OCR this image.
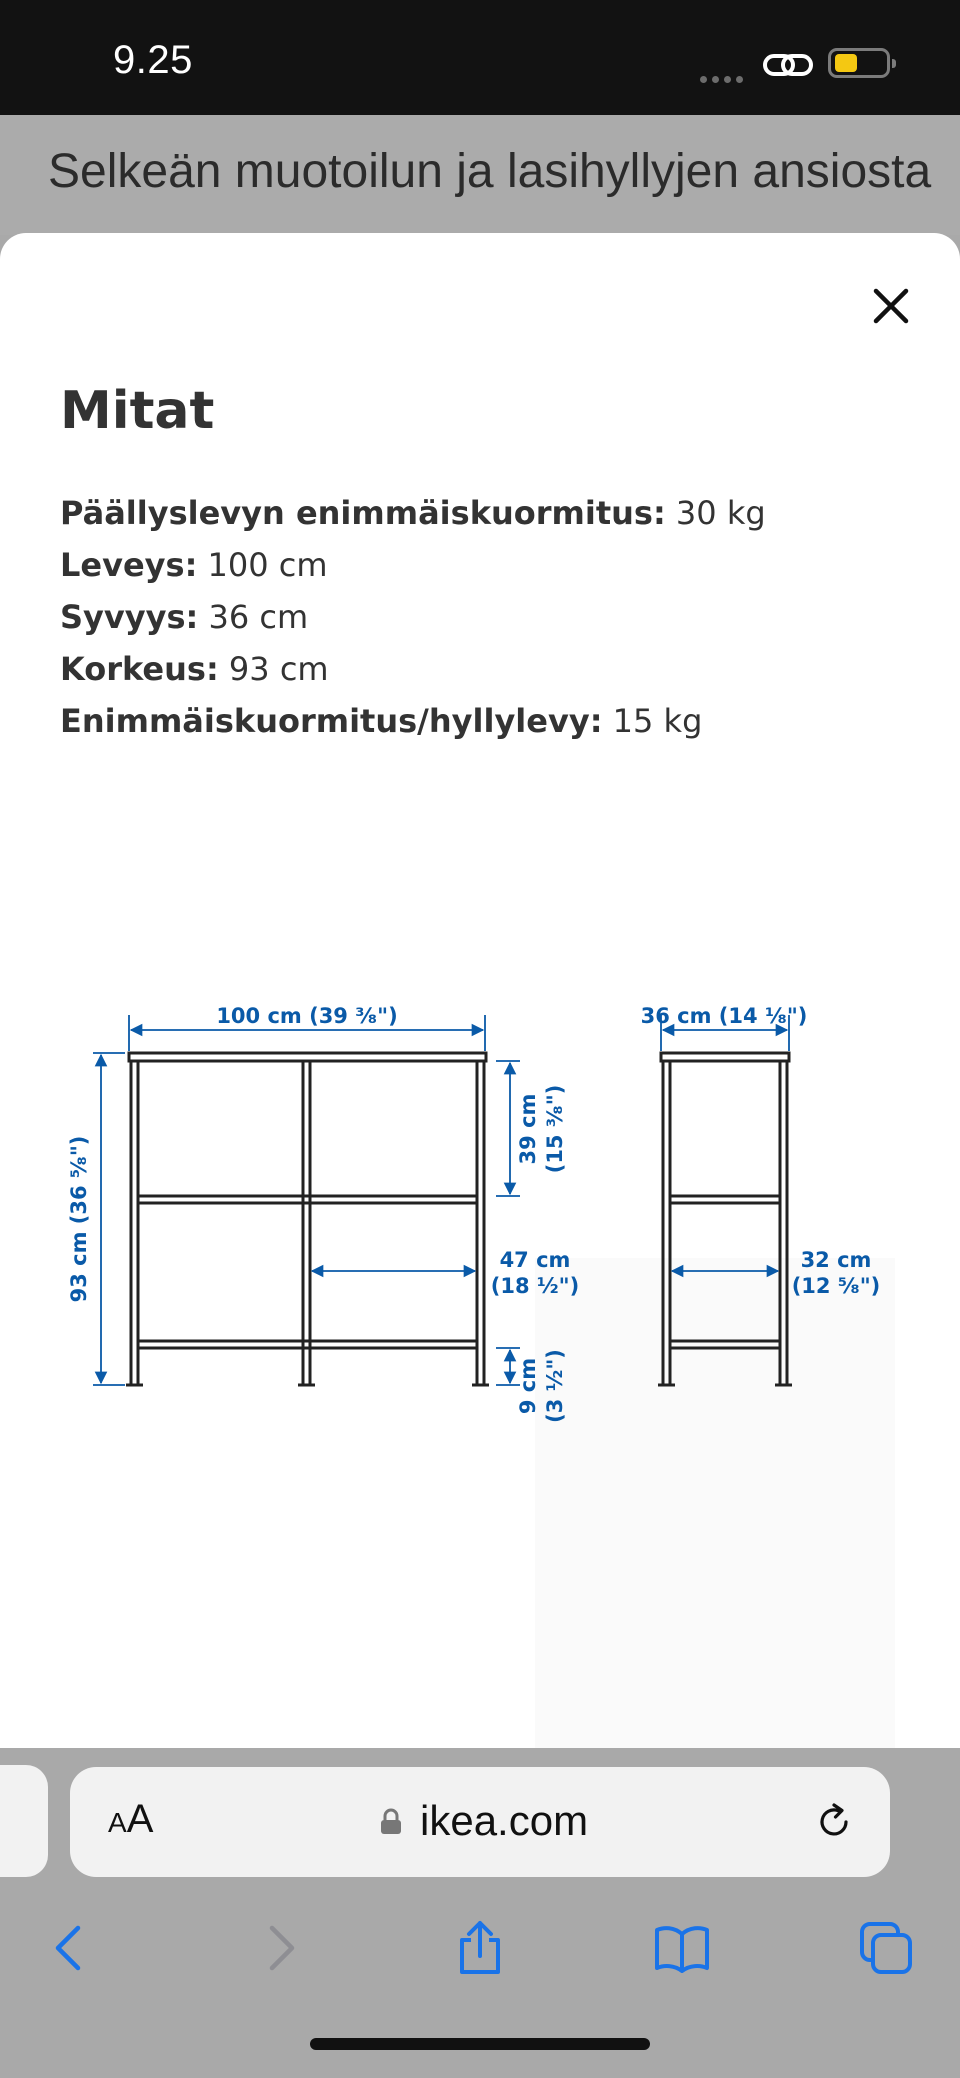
9.25

Selkeän muotoilun ja lasihyllyjen ansiosta

Mitat
Päällyslevyn enimmäiskuormitus: 30 kg
Leveys: 100 cm
Syvyys: 36 cm
Korkeus: 93 cm
Enimmäiskuormitus/hyllylevy: 15 kg
100 cm (39 ³⁄₈")
93 cm (36 ⁵⁄₈")
39 cm (15 ³⁄₈")
47 cm
(18 ½")
9 cm (3 ½")
36 cm (14 ¹⁄₈")
32 cm
(12 ⁵⁄₈")
AA	ikea.com
